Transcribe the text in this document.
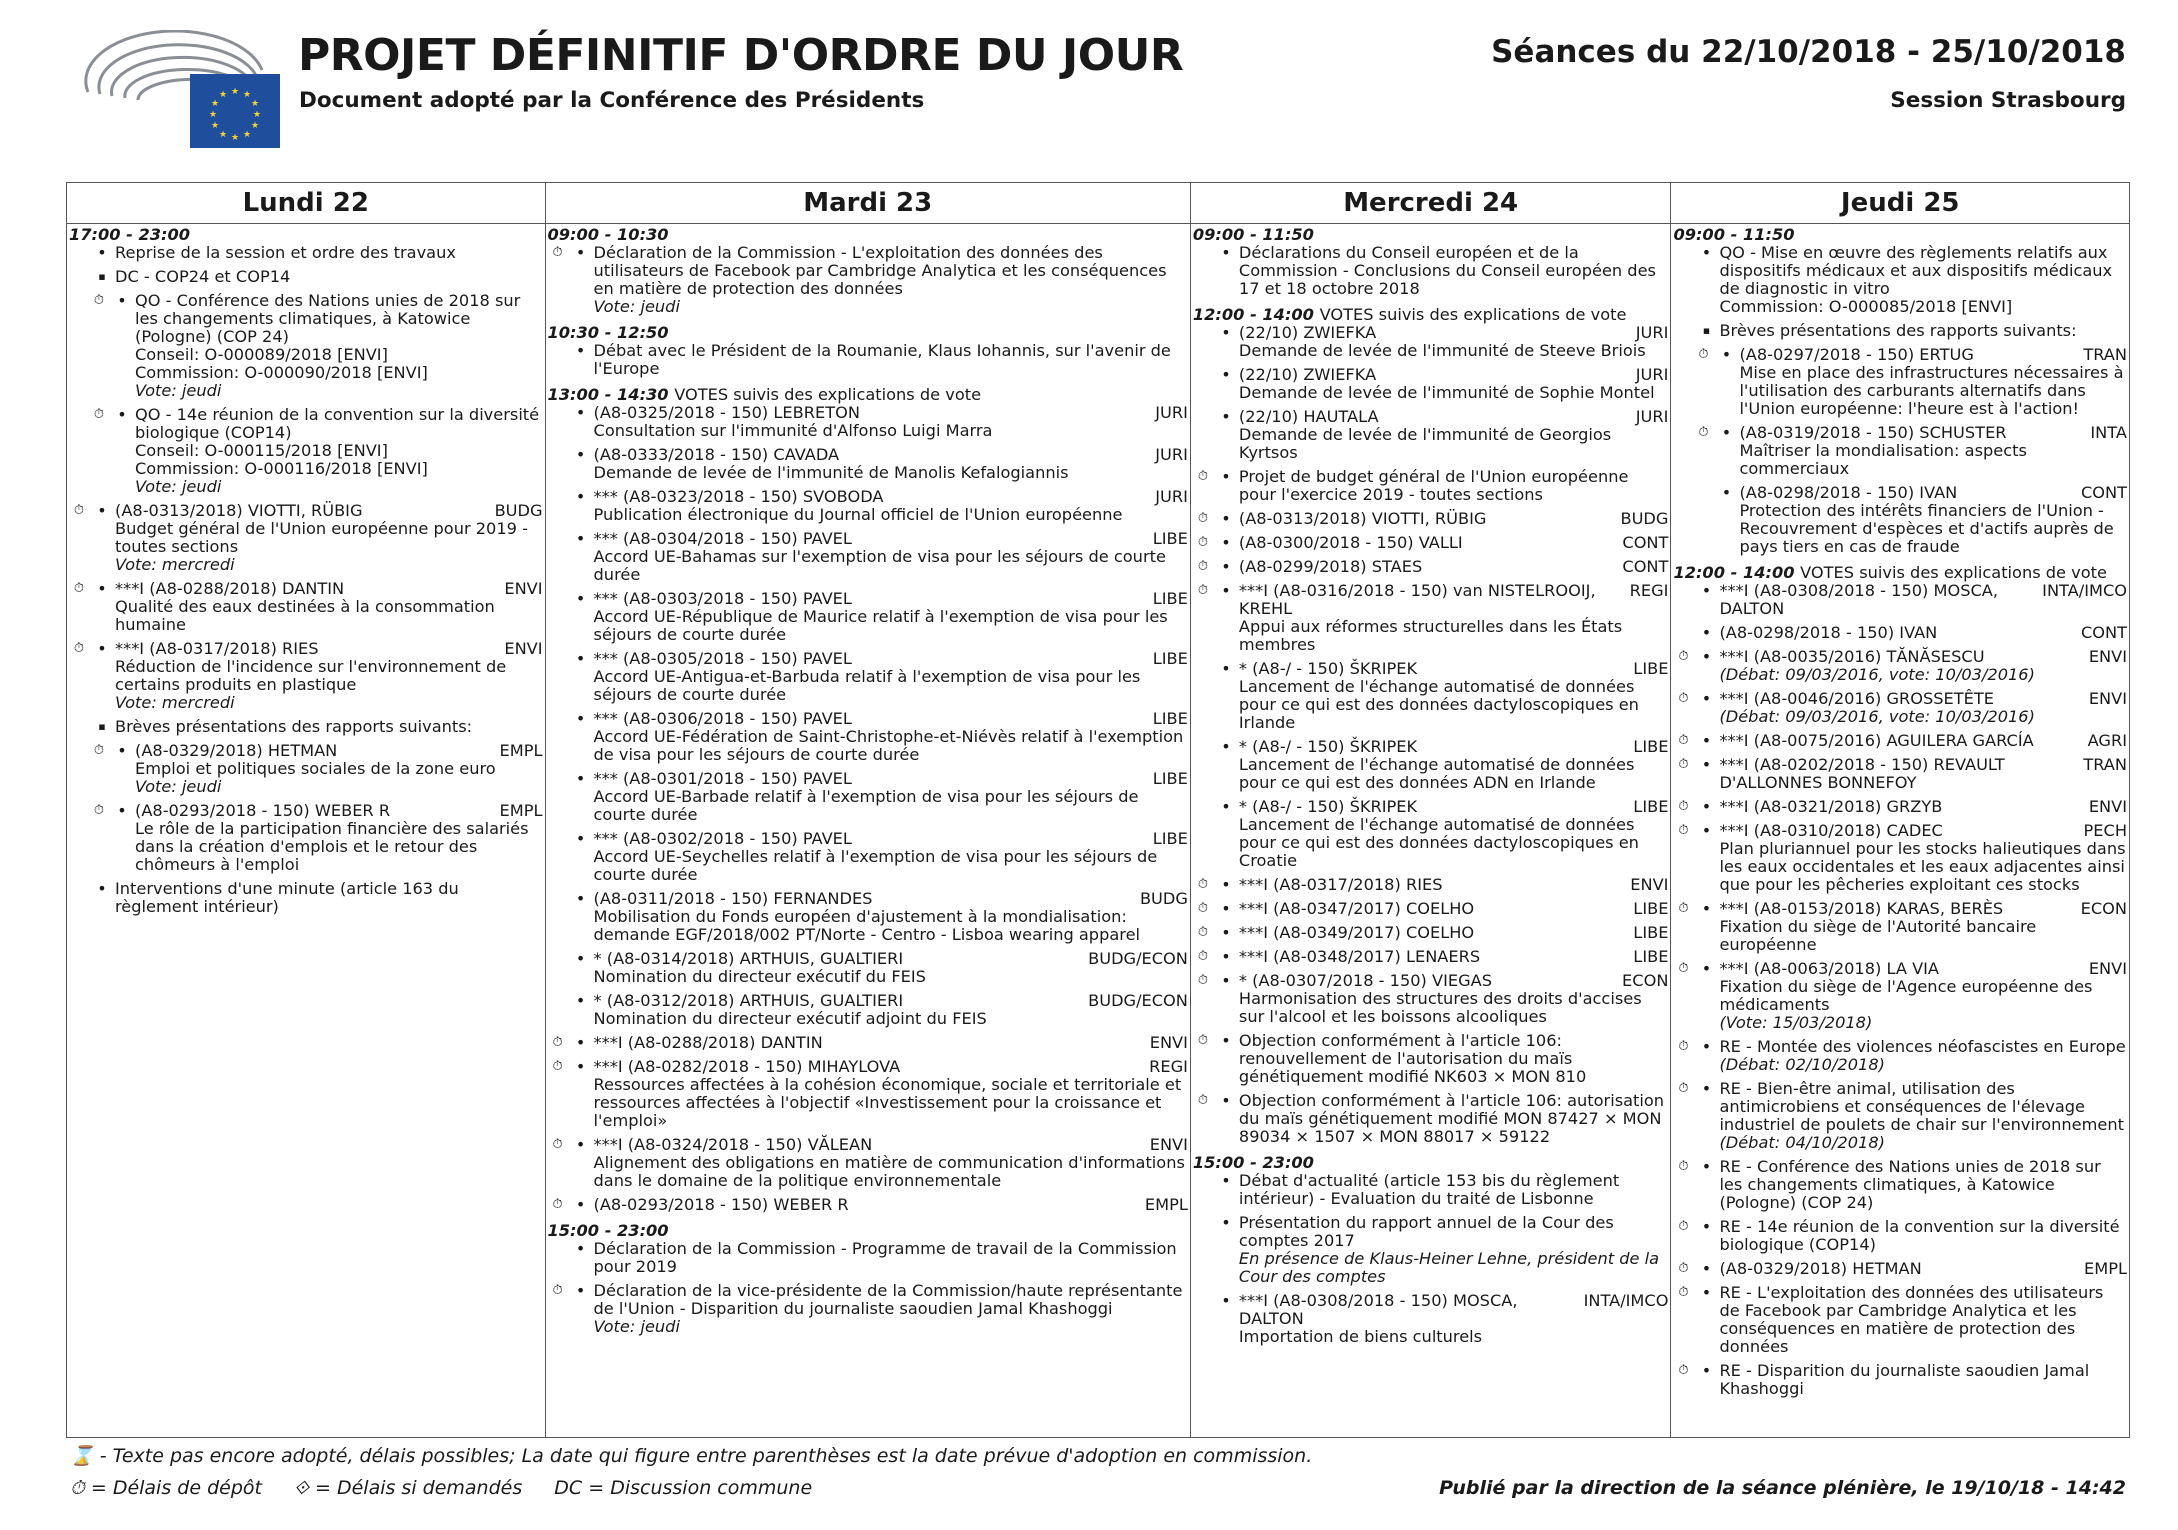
★ ★
★
★
★
★
★
★
★
★
★
★
PROJET DÉFINITIF D'ORDRE DU JOUR
Document adopté par la Conférence des Présidents
Séances du 22/10/2018 - 25/10/2018
Session Strasbourg
Lundi 22
17:00 - 23:00
• Reprise de la session et ordre des travaux
▪ DC - COP24 et COP14
⏱ • QO - Conférence des Nations unies de 2018 sur les changements climatiques, à Katowice (Pologne) (COP 24)
Conseil: O-000089/2018 [ENVI]
Commission: O-000090/2018 [ENVI]
Vote: jeudi
⏱ • QO - 14e réunion de la convention sur la diversité biologique (COP14)
Conseil: O-000115/2018 [ENVI]
Commission: O-000116/2018 [ENVI]
Vote: jeudi
⏱ • (A8-0313/2018) VIOTTI, RÜBIG	BUDG
Budget général de l'Union européenne pour 2019 - toutes sections
Vote: mercredi
⏱ • ***I (A8-0288/2018) DANTIN	ENVI
Qualité des eaux destinées à la consommation humaine
⏱ • ***I (A8-0317/2018) RIES	ENVI
Réduction de l'incidence sur l'environnement de certains produits en plastique
Vote: mercredi
▪ Brèves présentations des rapports suivants:
⏱ • (A8-0329/2018) HETMAN	EMPL
Emploi et politiques sociales de la zone euro
Vote: jeudi
⏱ • (A8-0293/2018 - 150) WEBER R	EMPL
Le rôle de la participation financière des salariés dans la création d'emplois et le retour des chômeurs à l'emploi
• Interventions d'une minute (article 163 du règlement intérieur)
Mardi 23
09:00 - 10:30
⏱ • Déclaration de la Commission - L'exploitation des données des utilisateurs de Facebook par Cambridge Analytica et les conséquences en matière de protection des données
Vote: jeudi
10:30 - 12:50
• Débat avec le Président de la Roumanie, Klaus Iohannis, sur l'avenir de l'Europe
13:00 - 14:30 VOTES suivis des explications de vote
• (A8-0325/2018 - 150) LEBRETON	JURI
Consultation sur l'immunité d'Alfonso Luigi Marra
• (A8-0333/2018 - 150) CAVADA	JURI
Demande de levée de l'immunité de Manolis Kefalogiannis
• *** (A8-0323/2018 - 150) SVOBODA	JURI
Publication électronique du Journal officiel de l'Union européenne
• *** (A8-0304/2018 - 150) PAVEL	LIBE
Accord UE-Bahamas sur l'exemption de visa pour les séjours de courte durée
• *** (A8-0303/2018 - 150) PAVEL	LIBE
Accord UE-République de Maurice relatif à l'exemption de visa pour les séjours de courte durée
• *** (A8-0305/2018 - 150) PAVEL	LIBE
Accord UE-Antigua-et-Barbuda relatif à l'exemption de visa pour les séjours de courte durée
• *** (A8-0306/2018 - 150) PAVEL	LIBE
Accord UE-Fédération de Saint-Christophe-et-Niévès relatif à l'exemption de visa pour les séjours de courte durée
• *** (A8-0301/2018 - 150) PAVEL	LIBE
Accord UE-Barbade relatif à l'exemption de visa pour les séjours de courte durée
• *** (A8-0302/2018 - 150) PAVEL	LIBE
Accord UE-Seychelles relatif à l'exemption de visa pour les séjours de courte durée
• (A8-0311/2018 - 150) FERNANDES	BUDG
Mobilisation du Fonds européen d'ajustement à la mondialisation: demande EGF/2018/002 PT/Norte - Centro - Lisboa wearing apparel
• * (A8-0314/2018) ARTHUIS, GUALTIERI	BUDG/ECON
Nomination du directeur exécutif du FEIS
• * (A8-0312/2018) ARTHUIS, GUALTIERI	BUDG/ECON
Nomination du directeur exécutif adjoint du FEIS
⏱ • ***I (A8-0288/2018) DANTIN	ENVI
⏱ • ***I (A8-0282/2018 - 150) MIHAYLOVA	REGI
Ressources affectées à la cohésion économique, sociale et territoriale et ressources affectées à l'objectif «Investissement pour la croissance et l'emploi»
⏱ • ***I (A8-0324/2018 - 150) VĂLEAN	ENVI
Alignement des obligations en matière de communication d'informations dans le domaine de la politique environnementale
⏱ • (A8-0293/2018 - 150) WEBER R	EMPL
15:00 - 23:00
• Déclaration de la Commission - Programme de travail de la Commission pour 2019
⏱ • Déclaration de la vice-présidente de la Commission/haute représentante de l'Union - Disparition du journaliste saoudien Jamal Khashoggi
Vote: jeudi
Mercredi 24
09:00 - 11:50
• Déclarations du Conseil européen et de la Commission - Conclusions du Conseil européen des 17 et 18 octobre 2018
12:00 - 14:00 VOTES suivis des explications de vote
• (22/10) ZWIEFKA	JURI
Demande de levée de l'immunité de Steeve Briois
• (22/10) ZWIEFKA	JURI
Demande de levée de l'immunité de Sophie Montel
• (22/10) HAUTALA	JURI
Demande de levée de l'immunité de Georgios Kyrtsos
⏱ • Projet de budget général de l'Union européenne pour l'exercice 2019 - toutes sections
⏱ • (A8-0313/2018) VIOTTI, RÜBIG	BUDG
⏱ • (A8-0300/2018 - 150) VALLI	CONT
⏱ • (A8-0299/2018) STAES	CONT
⏱ • ***I (A8-0316/2018 - 150) van NISTELROOIJ, KREHL
REGI
Appui aux réformes structurelles dans les États membres
• * (A8-/ - 150) ŠKRIPEK	LIBE
Lancement de l'échange automatisé de données pour ce qui est des données dactyloscopiques en Irlande
• * (A8-/ - 150) ŠKRIPEK	LIBE
Lancement de l'échange automatisé de données pour ce qui est des données ADN en Irlande
• * (A8-/ - 150) ŠKRIPEK	LIBE
Lancement de l'échange automatisé de données pour ce qui est des données dactyloscopiques en Croatie
⏱ • ***I (A8-0317/2018) RIES	ENVI
⏱ • ***I (A8-0347/2017) COELHO	LIBE
⏱ • ***I (A8-0349/2017) COELHO	LIBE
⏱ • ***I (A8-0348/2017) LENAERS	LIBE
⏱ • * (A8-0307/2018 - 150) VIEGAS	ECON
Harmonisation des structures des droits d'accises sur l'alcool et les boissons alcooliques
⏱ • Objection conformément à l'article 106: renouvellement de l'autorisation du maïs génétiquement modifié NK603 × MON 810
⏱ • Objection conformément à l'article 106: autorisation du maïs génétiquement modifié MON 87427 × MON 89034 × 1507 × MON 88017 × 59122
15:00 - 23:00
• Débat d'actualité (article 153 bis du règlement intérieur) - Evaluation du traité de Lisbonne
• Présentation du rapport annuel de la Cour des comptes 2017
En présence de Klaus-Heiner Lehne, président de la Cour des comptes
• ***I (A8-0308/2018 - 150) MOSCA, DALTON
INTA/IMCO
Importation de biens culturels
Jeudi 25
09:00 - 11:50
• QO - Mise en œuvre des règlements relatifs aux dispositifs médicaux et aux dispositifs médicaux de diagnostic in vitro
Commission: O-000085/2018 [ENVI]
▪ Brèves présentations des rapports suivants:
⏱ • (A8-0297/2018 - 150) ERTUG	TRAN
Mise en place des infrastructures nécessaires à l'utilisation des carburants alternatifs dans l'Union européenne: l'heure est à l'action!
⏱ • (A8-0319/2018 - 150) SCHUSTER	INTA
Maîtriser la mondialisation: aspects commerciaux
• (A8-0298/2018 - 150) IVAN	CONT
Protection des intérêts financiers de l'Union - Recouvrement d'espèces et d'actifs auprès de pays tiers en cas de fraude
12:00 - 14:00 VOTES suivis des explications de vote
• ***I (A8-0308/2018 - 150) MOSCA, DALTON
INTA/IMCO
• (A8-0298/2018 - 150) IVAN	CONT
⏱ • ***I (A8-0035/2016) TĂNĂSESCU	ENVI
(Débat: 09/03/2016, vote: 10/03/2016)
⏱ • ***I (A8-0046/2016) GROSSETÊTE	ENVI
(Débat: 09/03/2016, vote: 10/03/2016)
⏱ • ***I (A8-0075/2016) AGUILERA GARCÍA	AGRI
⏱ • ***I (A8-0202/2018 - 150) REVAULT D'ALLONNES BONNEFOY
TRAN
⏱ • ***I (A8-0321/2018) GRZYB	ENVI
⏱ • ***I (A8-0310/2018) CADEC	PECH
Plan pluriannuel pour les stocks halieutiques dans les eaux occidentales et les eaux adjacentes ainsi que pour les pêcheries exploitant ces stocks
⏱ • ***I (A8-0153/2018) KARAS, BERÈS	ECON
Fixation du siège de l'Autorité bancaire européenne
⏱ • ***I (A8-0063/2018) LA VIA	ENVI
Fixation du siège de l'Agence européenne des médicaments
(Vote: 15/03/2018)
⏱ • RE - Montée des violences néofascistes en Europe
(Débat: 02/10/2018)
⏱ • RE - Bien-être animal, utilisation des antimicrobiens et conséquences de l'élevage industriel de poulets de chair sur l'environnement
(Débat: 04/10/2018)
⏱ • RE - Conférence des Nations unies de 2018 sur les changements climatiques, à Katowice (Pologne) (COP 24)
⏱ • RE - 14e réunion de la convention sur la diversité biologique (COP14)
⏱ • (A8-0329/2018) HETMAN	EMPL
⏱ • RE - L'exploitation des données des utilisateurs de Facebook par Cambridge Analytica et les conséquences en matière de protection des données
⏱ • RE - Disparition du journaliste saoudien Jamal Khashoggi
⌛ - Texte pas encore adopté, délais possibles; La date qui figure entre parenthèses est la date prévue d'adoption en commission.
⏱ = Délais de dépôt ⟐ = Délais si demandés DC = Discussion commune	Publié par la direction de la séance plénière, le 19/10/18 - 14:42
